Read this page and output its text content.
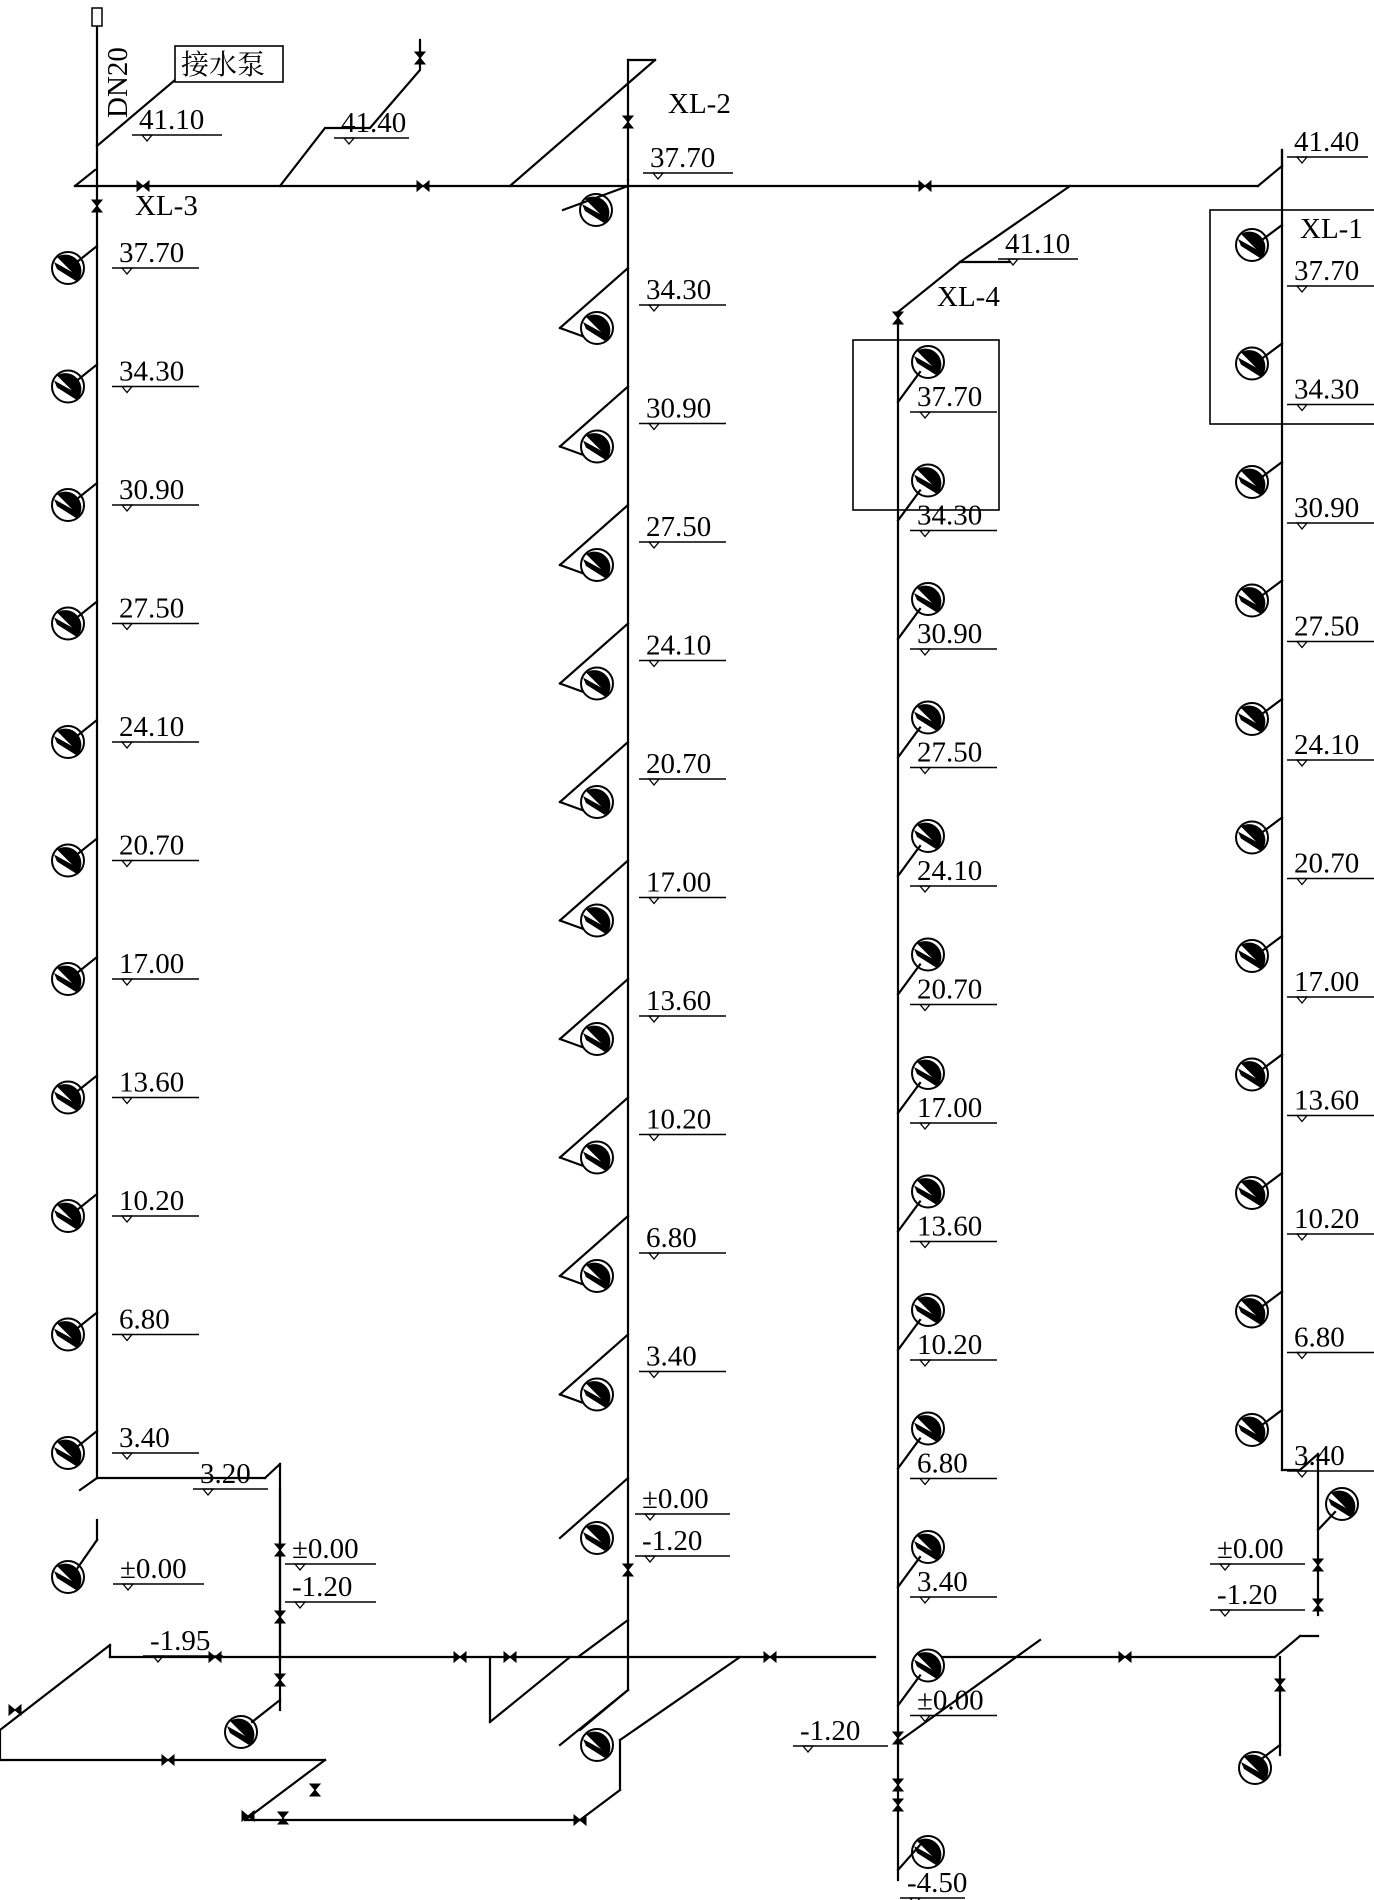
XL-3
41.10
37.70
34.30
30.90
27.50
24.10
20.70
17.00
13.60
10.20
6.80
3.40
3.20
±0.00
±0.00
-1.20
-1.95
XL-2
37.70
41.40
34.30
30.90
27.50
24.10
20.70
17.00
13.60
10.20
6.80
3.40
±0.00
-1.20
XL-4
41.10
37.70
34.30
30.90
27.50
24.10
20.70
17.00
13.60
10.20
6.80
3.40
±0.00
-1.20
-4.50
XL-1
41.40
37.70
34.30
30.90
27.50
24.10
20.70
17.00
13.60
10.20
6.80
3.40
±0.00
-1.20
接水泵
DN20
